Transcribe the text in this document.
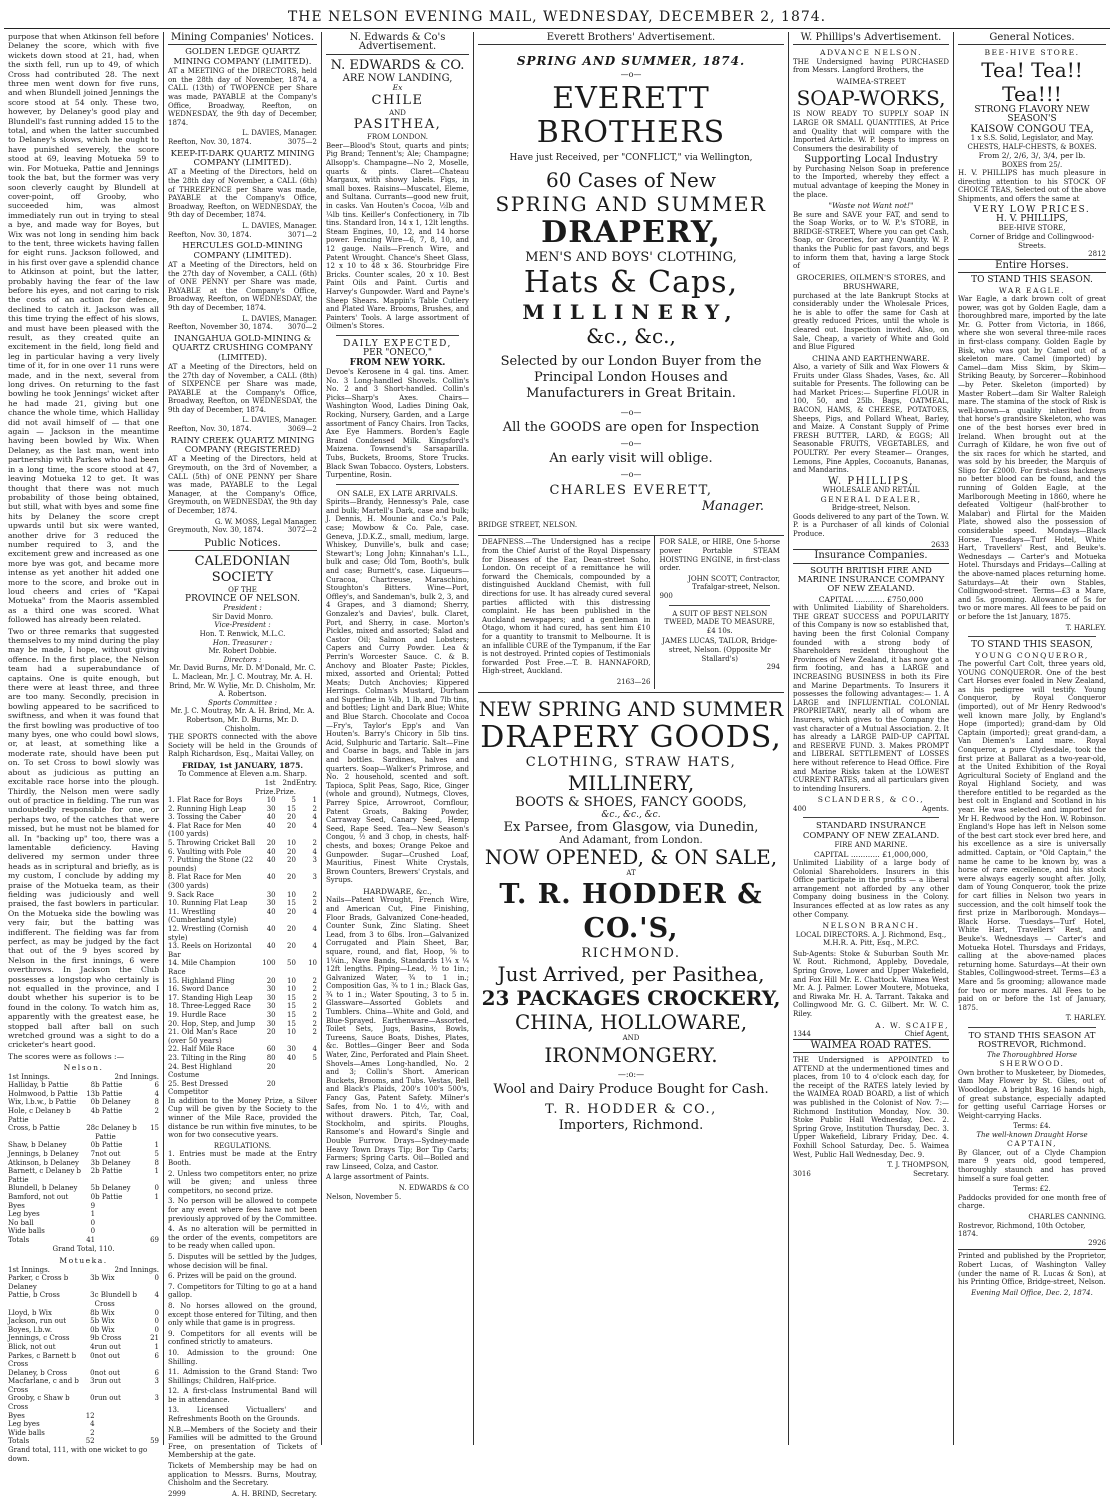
THE NELSON EVENING MAIL, WEDNESDAY, DECEMBER 2, 1874.

purpose that when Atkinson fell before Delaney the score, which with five wickets down stood at 21, had, when the sixth fell, run up to 49, of which Cross had contributed 28. The next three men went down for five runs, and when Blundell joined Jennings the score stood at 54 only. These two, however, by Delaney's good play and Blundell's fast running added 15 to the total, and when the latter succumbed to Delaney's slows, which he ought to have punished severely, the score stood at 69, leaving Motueka 59 to win. For Motueka, Pattie and Jennings took the bat, but the former was very soon cleverly caught by Blundell at cover-point, off Grooby, who succeeded him, was almost immediately run out in trying to steal a bye, and made way for Boyes, but Wix was not long in sending him back to the tent, three wickets having fallen for eight runs. Jackson followed, and in his first over gave a splendid chance to Atkinson at point, but the latter, probably having the fear of the law before his eyes, and not caring to risk the costs of an action for defence, declined to catch it. Jackson was all this time trying the effect of his slows, and must have been pleased with the result, as they created quite an excitement in the field, long field and leg in particular having a very lively time of it, for in one over 11 runs were made, and in the next, several from long drives. On returning to the fast bowling he took Jennings' wicket after he had made 21, giving but one chance the whole time, which Halliday did not avail himself of — that one again — Jackson in the meantime having been bowled by Wix. When Delaney, as the last man, went into partnership with Parkes who had been in a long time, the score stood at 47, leaving Motueka 12 to get. It was thought that there was not much probability of those being obtained, but still, what with byes and some fine hits by Delaney the score crept upwards until but six were wanted, another drive for 3 reduced the number required to 3, and the excitement grew and increased as one more bye was got, and became more intense as yet another hit added one more to the score, and broke out in loud cheers and cries of "Kapai Motueka" from the Maoris assembled as a third one was scored. What followed has already been related.

Two or three remarks that suggested themselves to my mind during the play may be made, I hope, without giving offence. In the first place, the Nelson team had a superabundance of captains. One is quite enough, but there were at least three, and three are too many. Secondly, precision in bowling appeared to be sacrificed to swiftness, and when it was found that the first bowling was productive of too many byes, one who could bowl slows, or, at least, at something like a moderate rate, should have been put on. To set Cross to bowl slowly was about as judicious as putting an excitable race horse into the plough. Thirdly, the Nelson men were sadly out of practice in fielding. The run was undoubtedly responsible for one, or perhaps two, of the catches that were missed, but he must not be blamed for all. In "backing up" too, there was a lamentable deficiency. Having delivered my sermon under three heads as in scriptural and briefly, as is my custom, I conclude by adding my praise of the Motueka team, as their fielding was judiciously and well praised, the fast bowlers in particular. On the Motueka side the bowling was very fair, but the batting was indifferent. The fielding was far from perfect, as may be judged by the fact that out of the 9 byes scored by Nelson in the first innings, 6 were overthrows. In Jackson the Club possesses a longstop who certainly is not equalled in the province, and I doubt whether his superior is to be found in the colony. To watch him as, apparently with the greatest ease, he stopped ball after ball on such wretched ground was a sight to do a cricketer's heart good.

The scores were as follows :—

Nelson.
1st Innings.	2nd Innings.
Halliday, b Pattie	8	b Pattie	6
Holmwood, b Pattie	13	b Pattie	4
Wix, l.b.w., b Pattie	0	b Delaney	8
Hole, c Delaney b Pattie	4	b Pattie	2
Cross, b Pattie	28	c Delaney b Pattie	15
Shaw, b Delaney	0	b Pattie	1
Jennings, b Delaney	7	not out	5
Atkinson, b Delaney	3	b Delaney	8
Barnett, c Delaney b Pattie	2	b Pattie	1
Blundell, b Delaney	5	b Delaney	0
Bamford, not out	0	b Pattie	1
Byes	9		
Leg byes	1		
No ball	0		
Wide balls	0		
Totals	41		69
Grand Total, 110.
Motueka.
1st Innings.	2nd Innings.
Parker, c Cross b Delaney	3	b Wix	0
Pattie, b Cross	3	c Blundell b Cross	4
Lloyd, b Wix	8	b Wix	0
Jackson, run out	5	b Wix	0
Boyes, l.b.w.	0	b Wix	0
Jennings, c Cross	9	b Cross	21
Blick, not out	4	run out	1
Parkes, c Barnett b Cross	0	not out	6
Delaney, b Cross	0	not out	6
Macfarlane, c and b Cross	3	run out	3
Grooby, c Shaw b Cross	0	run out	3
Byes	12		
Leg byes	4		
Wide balls	2		
Totals	52		59
Grand total, 111, with one wicket to go down.
Mining Companies' Notices.
GOLDEN LEDGE QUARTZ MINING COMPANY (LIMITED).

AT a MEETING of the DIRECTORS, held on the 28th day of November, 1874, a CALL (13th) of TWOPENCE per Share was made, PAYABLE at the Company's Office, Broadway, Reefton, on WEDNESDAY, the 9th day of December, 1874.

L. DAVIES, Manager.
Reefton, Nov. 30, 1874.	3075—2
KEEP-IT-DARK QUARTZ MINING COMPANY (LIMITED).

AT a Meeting of the Directors, held on the 28th day of November, a CALL (6th) of THREEPENCE per Share was made, PAYABLE at the Company's Office, Broadway, Reefton, on WEDNESDAY, the 9th day of December, 1874.

L. DAVIES, Manager.
Reefton, Nov. 30, 1874.	3071—2
HERCULES GOLD-MINING COMPANY (LIMITED).

AT a Meeting of the Directors, held on the 27th day of November, a CALL (6th) of ONE PENNY per Share was made, PAYABLE at the Company's Office, Broadway, Reefton, on WEDNESDAY, the 9th day of December, 1874.

L. DAVIES, Manager.
Reefton, November 30, 1874. 3070—2
INANGAHUA GOLD-MINING & QUARTZ CRUSHING COMPANY (LIMITED).

AT a Meeting of the Directors, held on the 27th day of November, a CALL (8th) of SIXPENCE per Share was made, PAYABLE at the Company's Office, Broadway, Reefton, on WEDNESDAY, the 9th day of December, 1874.

L. DAVIES, Manager.
Reefton, Nov. 30, 1874.	3069—2
RAINY CREEK QUARTZ MINING COMPANY (REGISTERED)

AT a Meeting of the Directors, held at Greymouth, on the 3rd of November, a CALL (5th) of ONE PENNY per Share was made, PAYABLE to the Legal Manager, at the Company's Office, Greymouth, on WEDNESDAY, the 9th day of December, 1874.

G. W. MOSS, Legal Manager.
Greymouth, Nov. 30, 1874.	3072—2
Public Notices.
CALEDONIAN SOCIETY
OF THE
PROVINCE OF NELSON.
President :
Sir David Monro.
Vice-President :
Hon. T. Renwick, M.L.C.
Hon. Treasurer :
Mr. Robert Dobbie.
Directors :
Mr. David Burns, Mr. D. M'Donald, Mr. C. L. Maclean, Mr. J. C. Moutray, Mr. A. H. Brind, Mr. W. Wylie, Mr. D. Chisholm, Mr. A. Robertson.
Sports Committee :
Mr. J. C. Moutray, Mr. A. H. Brind, Mr. A. Robertson, Mr. D. Burns, Mr. D. Chisholm.

THE SPORTS connected with the above Society will be held in the Grounds of Ralph Richardson, Esq., Maitai Valley, on

FRIDAY, 1st JANUARY, 1875.
To Commence at Eleven a.m. Sharp.
	1st Prize.	2nd Prize.	Entry.
1. Flat Race for Boys	10	5	1
2. Running High Leap	30	15	2
3. Tossing the Caber	40	20	4
4. Flat Race for Men (100 yards)	40	20	4
5. Throwing Cricket Ball	20	10	2
6. Vaulting with Pole	40	20	4
7. Putting the Stone (22 pounds)	40	20	3
8. Flat Race for Men (300 yards)	40	20	3
9. Sack Race	30	10	2
10. Running Flat Leap	30	15	2
11. Wrestling (Cumberland style)	40	20	4
12. Wrestling (Cornish style)	40	20	4
13. Reels on Horizontal Bar	40	20	4
14. Mile Champion Race	100	50	10
15. Highland Fling	20	10	2
16. Sword Dance	30	10	2
17. Standing High Leap	30	15	2
18. Three-Legged Race	30	15	2
19. Hurdle Race	30	15	2
20. Hop, Step, and Jump	30	15	2
21. Old Man's Race (over 50 years)	20	10	2
22. Half Mile Race	60	30	4
23. Tilting in the Ring	80	40	5
24. Best Highland Costume	20		
25. Best Dressed Competitor	20		

In addition to the Money Prize, a Silver Cup will be given by the Society to the winner of the Mile Race, provided the distance be run within five minutes, to be won for two consecutive years.

REGULATIONS.

1. Entries must be made at the Entry Booth.

2. Unless two competitors enter, no prize will be given; and unless three competitors, no second prize.

3. No person will be allowed to compete for any event where fees have not been previously approved of by the Committee.

4. As no alteration will be permitted in the order of the events, competitors are to be ready when called upon.

5. Disputes will be settled by the Judges, whose decision will be final.

6. Prizes will be paid on the ground.

7. Competitors for Tilting to go at a hand gallop.

8. No horses allowed on the ground, except those entered for Tilting, and then only while that game is in progress.

9. Competitors for all events will be confined strictly to amateurs.

10. Admission to the ground: One Shilling.

11. Admission to the Grand Stand: Two Shillings; Children, Half-price.

12. A first-class Instrumental Band will be in attendance.

13. Licensed Victuallers' and Refreshments Booth on the Grounds.

N.B.—Members of the Society and their Families will be admitted to the Ground Free, on presentation of Tickets of Membership at the gate.

Tickets of Membership may be had on application to Messrs. Burns, Moutray, Chisholm and the Secretary.

2999	A. H. BRIND, Secretary.
N. Edwards & Co's Advertisement.
N. EDWARDS & CO.
ARE NOW LANDING,
Ex
CHILE
AND
PASITHEA,
FROM LONDON.

Beer—Blood's Stout, quarts and pints; Pig Brand; Tennent's; Ale; Champagne; Allsopp's. Champagne—No 2, Moselle, quarts & pints. Claret—Chateau Margaux, with showy labels. Figs, in small boxes. Raisins—Muscatel, Eleme, and Sultana. Currants—good new fruit, in casks. Van Houten's Cocoa, ½lb and ¼lb tins. Keiller's Confectionery, in 7lb tins. Standard Iron, 14 x 1, 12lt lengths. Steam Engines, 10, 12, and 14 horse power. Fencing Wire—6, 7, 8, 10, and 12 gauge. Nails—French Wire, and Patent Wrought. Chance's Sheet Glass, 12 x 10 to 48 x 36. Stourbridge Fire Bricks. Counter scales, 20 x 10. Best Paint Oils and Paint. Curtis and Harvey's Gunpowder. Ward and Payne's Sheep Shears. Mappin's Table Cutlery and Plated Ware. Brooms, Brushes, and Painters' Tools. A large assortment of Oilmen's Stores.

DAILY EXPECTED,
PER "ONECO,"
FROM NEW YORK.

Devoe's Kerosene in 4 gal. tins. Amer. No. 3 Long-handled Shovels. Collin's No. 2 and 3 Short-handled. Collin's Picks—Sharp's Axes. Chairs—Washington Wood, Ladies Dining Oak, Rocking, Nursery, Garden, and a Large assortment of Fancy Chairs. Iron Tacks, Axe Eye Hammers. Borden's Eagle Brand Condensed Milk. Kingsford's Maizena. Townsend's Sarsaparilla. Tubs, Buckets, Brooms, Store Trucks. Black Swan Tobacco. Oysters, Lobsters. Turpentine, Rosin.

ON SALE, EX LATE ARRIVALS.

Spirits—Brandy, Hennessy's Pale, case and bulk; Martell's Dark, case and bulk; J. Dennis, H. Mounie and Co.'s Pale, case; Mowbow & Co. Pale, case. Geneva, J.D.K.Z., small, medium, large. Whiskey, Dunville's, bulk and case; Stewart's; Long John; Kinnahan's L.L., bulk and case; Old Tom, Booth's, bulk and case; Burnett's, case. Liqueurs—Curacoa, Chartreuse, Maraschino, Stoughton's Bitters. Wine—Port, Offley's, and Sandeman's, bulk 2, 3, and 4 Grapes, and 3 diamond; Sherry, Gonzalez's and Davies', bulk. Claret, Port, and Sherry, in case. Morton's Pickles, mixed and assorted; Salad and Castor Oil; Salmon and Lobsters; Capers and Curry Powder. Lea & Perrin's Worcester Sauce. C. & B. Anchovy and Bloater Paste; Pickles, mixed, assorted and Oriental; Potted Meats; Dutch Anchovies; Kippered Herrings. Colman's Mustard, Durham and Superfine in ¼lb, 1 lb, and 7lb tins, and bottles; Light and Dark Blue; White and Blue Starch. Chocolate and Cocoa—Fry's, Taylor's Epp's and Van Houten's. Barry's Chicory in 5lb tins. Acid, Sulphuric and Tartaric. Salt—Fine and Coarse in bags, and Table in jars and bottles. Sardines, halves and quarters. Soap—Walker's Primrose, and No. 2 household, scented and soft. Tapioca, Split Peas, Sago, Rice, Ginger (whole and ground), Nutmegs, Cloves, Parrey Spice, Arrowroot, Cornflour, Patent Groats, Baking Powder, Carraway Seed, Canary Seed, Hemp Seed, Rape Seed. Tea—New Season's Congou, ½ and 3 chop, in chests, half-chests, and boxes; Orange Pekoe and Gunpowder. Sugar—Crushed Loaf, Mauritius, Finest White Crystals, Brown Counters, Brewers' Crystals, and Syrups.

HARDWARE, &c.,

Nails—Patent Wrought, French Wire, and American Cut, Fine Finishing, Floor Brads, Galvanized Cone-headed, Counter Sunk, Zinc Slating. Sheet Lead, from 3 to 6lbs. Iron—Galvanized Corrugated and Plain Sheet, Bar, square, round, and flat, Hoop, ⅝ to 1¼in., Nave Bands, Standards 1¼ x ¼ 12ft lengths. Piping—Lead, ½ to 1in.; Galvanized Water, ¾ to 1 in.; Composition Gas, ¾ to 1 in.; Black Gas, ¾ to 1 in.; Water Spouting, 3 to 5 in. Glassware—Assorted Goblets and Tumblers. China—White and Gold, and Blue-Sprayed. Earthenware—Assorted, Toilet Sets, Jugs, Basins, Bowls, Tureens, Sauce Boats, Dishes, Plates, &c. Bottles—Ginger Beer and Soda Water, Zinc, Perforated and Plain Sheet. Shovels—Ames Long-handled, No. 2 and 3; Collin's Short. American Buckets, Brooms, and Tubs. Vestas, Bell and Black's Plaids, 200's 100's 500's, Fancy Gas, Patent Safety. Milner's Safes, from No. 1 to 4½, with and without drawers. Pitch, Tar, Coal, Stockholm, and spirits. Ploughs, Ransome's and Howard's Single and Double Furrow. Drays—Sydney-made Heavy Town Drays Tip; Bor Tip Carts; Farmers; Spring Carts. Oil—Boiled and raw Linseed, Colza, and Castor.

A large assortment of Paints.

N. EDWARDS & CO
Nelson, November 5.
Everett Brothers' Advertisement.
SPRING AND SUMMER, 1874.
—o—
EVERETT BROTHERS
Have just Received, per "CONFLICT," via Wellington,
60 Cases of New
SPRING AND SUMMER
DRAPERY,
MEN'S AND BOYS' CLOTHING,
Hats & Caps,
MILLINERY,
&c., &c.,
Selected by our London Buyer from the Principal London Houses and Manufacturers in Great Britain.
—o—
All the GOODS are open for Inspection
—o—
An early visit will oblige.
—o—
CHARLES EVERETT,
Manager.
BRIDGE STREET, NELSON.

DEAFNESS.—The Undersigned has a recipe from the Chief Aurist of the Royal Dispensary for Diseases of the Ear, Dean-street Soho, London. On receipt of a remittance he will forward the Chemicals, compounded by a distinguished Auckland Chemist, with full directions for use. It has already cured several parties afflicted with this distressing complaint. He has been published in the Auckland newspapers; and a gentleman in Otago, whom it had cured, has sent him £10 for a quantity to transmit to Melbourne. It is an infallible CURE of the Tympanum, if the Ear is not destroyed. Printed copies of Testimonials forwarded Post Free.—T. B. HANNAFORD, High-street, Auckland.

2163—26

FOR SALE, or HIRE, One 5-horse power Portable STEAM HOISTING ENGINE, in first-class order.

JOHN SCOTT, Contractor, Trafalgar-street, Nelson.
900

A SUIT OF BEST NELSON TWEED, MADE TO MEASURE, £4 10s.

JAMES LUCAS, TAILOR, Bridge-street, Nelson. (Opposite Mr Stallard's)
294
NEW SPRING AND SUMMER
DRAPERY GOODS,
CLOTHING, STRAW HATS,
MILLINERY,
BOOTS & SHOES, FANCY GOODS,
&c., &c., &c.
Ex Parsee, from Glasgow, via Dunedin,
And Adamant, from London.
NOW OPENED, & ON SALE,
AT
T. R. HODDER & CO.'S,
RICHMOND.
Just Arrived, per Pasithea,
23 PACKAGES CROCKERY,
CHINA, HOLLOWARE,
AND
IRONMONGERY.
—:o:—
Wool and Dairy Produce Bought for Cash.
T. R. HODDER & CO.,
Importers, Richmond.
W. Phillips's Advertisement.
ADVANCE NELSON.

THE Undersigned having PURCHASED from Messrs. Langford Brothers, the

WAIMEA-STREET
SOAP-WORKS,

IS NOW READY TO SUPPLY SOAP IN LARGE OR SMALL QUANTITIES, At Price and Quality that will compare with the Imported Article. W. P. begs to impress on Consumers the desirability of

Supporting Local Industry

by Purchasing Nelson Soap in preference to the Imported, whereby they effect a mutual advantage of keeping the Money in the place.

"Waste not Want not!"

Be sure and SAVE your FAT, and send to the Soap Works, or to W. P.'s STORE, in BRIDGE-STREET, Where you can get Cash, Soap, or Groceries, for any Quantity. W. P. thanks the Public for past favors, and begs to inform them that, having a large Stock of

GROCERIES, OILMEN'S STORES, and BRUSHWARE,

purchased at the late Bankrupt Stocks at considerably under the Wholesale Prices, he is able to offer the same for Cash at greatly reduced Prices, until the whole is cleared out. Inspection invited. Also, on Sale, Cheap, a variety of White and Gold and Blue Figured

CHINA AND EARTHENWARE.

Also, a variety of Silk and Wax Flowers & Fruits under Glass Shades, Vases, &c. All suitable for Presents. The following can be had Market Prices:— Superfine FLOUR in 100, 50, and 25lb. Bags, OATMEAL, BACON, HAMS, & CHEESE, POTATOES, Sheeps, Pigs, and Pollard Wheat, Barley, and Maize. A Constant Supply of Prime FRESH BUTTER, LARD, & EGGS; All Seasonable FRUITS, VEGETABLES, and POULTRY. Per every Steamer— Oranges, Lemons, Pine Apples, Cocoanuts, Bananas, and Mandarins.

W. PHILLIPS,
WHOLESALE AND RETAIL
GENERAL DEALER,
Bridge-street, Nelson.

Goods delivered to any part of the Town. W. P. is a Purchaser of all kinds of Colonial Produce.

2633
Insurance Companies.
SOUTH BRITISH FIRE AND MARINE INSURANCE COMPANY OF NEW ZEALAND.
CAPITAL ............ £750,000

with Unlimited Liability of Shareholders. THE GREAT SUCCESS and POPULARITY of this Company is now so established that, having been the first Colonial Company founded with a strong body of Shareholders resident throughout the Provinces of New Zealand, it has now got a firm footing, and has a LARGE and INCREASING BUSINESS in both its Fire and Marine Departments. To Insurers it possesses the following advantages:— 1. A LARGE and INFLUENTIAL COLONIAL PROPRIETARY, nearly all of whom are Insurers, which gives to the Company the vast character of a Mutual Association. 2. It has already a LARGE PAID-UP CAPITAL and RESERVE FUND. 3. Makes PROMPT and LIBERAL SETTLEMENT of LOSSES here without reference to Head Office. Fire and Marine Risks taken at the LOWEST CURRENT RATES, and all particulars given to intending Insurers.

SCLANDERS, & CO.,
400	Agents.
STANDARD INSURANCE COMPANY OF NEW ZEALAND.
FIRE AND MARINE.
CAPITAL ............ £1,000,000,

Unlimited Liability of a large body of Colonial Shareholders. Insurers in this Office participate in the profits — a liberal arrangement not afforded by any other Company doing business in the Colony. Insurances effected at as low rates as any other Company.

NELSON BRANCH.

LOCAL DIRECTORS. A. J. Richmond, Esq., M.H.R. A. Pitt, Esq., M.P.C.

Sub-Agents: Stoke & Suburban South Mr. W. Rout. Richmond, Appleby, Dovedale, Spring Grove, Lower and Upper Wakefield, and Fox Hill Mr. E. Chattock. Waimea West Mr. A. J. Palmer. Lower Moutere, Motueka, and Riwaka Mr. H. A. Tarrant. Takaka and Collingwood Mr. G. C. Gilbert. Mr. W. C. Riley.

A. W. SCAIFE,
1344	Chief Agent,
WAIMEA ROAD RATES.

THE Undersigned is APPOINTED to ATTEND at the undermentioned times and places, from 10 to 4 o'clock each day, for the receipt of the RATES lately levied by the WAIMEA ROAD BOARD, a list of which was published in the Colonist of Nov. 7:— Richmond Institution Monday, Nov. 30. Stoke Public Hall Wednesday, Dec. 2. Spring Grove, Institution Thursday, Dec. 3. Upper Wakefield, Library Friday, Dec. 4. Foxhill School Saturday, Dec. 5. Waimea West, Public Hall Wednesday, Dec. 9.

T. J. THOMPSON,
3016	Secretary.
General Notices.
BEE-HIVE STORE.
Tea! Tea!! Tea!!!
STRONG FLAVORY NEW SEASON'S
KAISOW CONGOU TEA,
1 x S.S. Solid, Legislator, and May.
CHESTS, HALF-CHESTS, & BOXES.
From 2/, 2/6, 3/, 3/4, per lb.
BOXES from 25/.

H. V. PHILLIPS has much pleasure in directing attention to his STOCK OF CHOICE TEAS, Selected out of the above Shipments, and offers the same at

VERY LOW PRICES.
H. V. PHILLIPS,
BEE-HIVE STORE,
Corner of Bridge and Collingwood-Streets.
2812
Entire Horses.
TO STAND THIS SEASON.
WAR EAGLE.

War Eagle, a dark brown colt of great power, was got by Golden Eagle, dam a thoroughbred mare, imported by the late Mr. G. Potter from Victoria, in 1866, where she won several three-mile races in first-class company. Golden Eagle by Bisk, who was got by Camel out of a skeleton mare. Camel (imported) by Camel—dam Miss Skim, by Skim—Striking Beauty, by Sorcerer—Robinhood—by Peter. Skeleton (imported) by Master Robert—dam Sir Walter Raleigh mare. The stamina of the stock of Risk is well-known—a quality inherited from that horse's grandsire Skeleton, who was one of the best horses ever bred in Ireland. When brought out at the Curragh of Kildare, he won five out of the six races for which he started, and was sold by his breeder, the Marquis of Sligo for £2000. For first-class hackneys no better blood can be found, and the running of Golden Eagle, at the Marlborough Meeting in 1860, where he defeated Voltigeur (half-brother to Malabar) and Flirtal for the Maiden Plate, showed also the possession of considerable speed. Mondays—Black Horse. Tuesdays—Turf Hotel, White Hart, Travellers' Rest, and Beuke's. Wednesdays — Carter's and Motueka Hotel. Thursdays and Fridays—Calling at the above-named places returning home. Saturdays—At their own Stables, Collingwood-street. Terms—£3 a Mare, and 5s. grooming. Allowance of 5s for two or more mares. All fees to be paid on or before the 1st January, 1875.

T. HARLEY.
TO STAND THIS SEASON,
YOUNG CONQUEROR,

The powerful Cart Colt, three years old, YOUNG CONQUEROR. One of the best Cart Horses ever foaled in New Zealand, as his pedigree will testify. Young Conqueror, by Royal Conqueror (imported), out of Mr Henry Redwood's well known mare Jolly, by England's Hope (imported); grand-dam by Old Captain (imported); great grand-dam, a Van Diemen's Land mare. Royal Conqueror, a pure Clydesdale, took the first prize at Ballarat as a two-year-old, at the United Exhibition of the Royal Agricultural Society of England and the Royal Highland Society, and was therefore entitled to be regarded as the best colt in England and Scotland in his year. He was selected and imported for Mr H. Redwood by the Hon. W. Robinson. England's Hope has left in Nelson some of the best cart stock ever bred here, and his excellence as a sire is universally admitted. Captain, or "Old Captain," the name he came to be known by, was a horse of rare excellence, and his stock were always eagerly sought after. Jolly, dam of Young Conqueror, took the prize for cart fillies in Nelson two years in succession, and the colt himself took the first prize in Marlborough. Mondays—Black Horse. Tuesdays—Turf Hotel, White Hart, Travellers' Rest, and Beuke's. Wednesdays — Carter's and Motueka Hotel. Thursdays and Fridays, calling at the above-named places returning home. Saturdays—At their own Stables, Collingwood-street. Terms—£3 a Mare and 5s grooming; allowance made for two or more mares. All Fees to be paid on or before the 1st of January, 1875.

T. HARLEY.
TO STAND THIS SEASON AT ROSTREVOR, Richmond.
The Thoroughbred Horse
SHERWOOD.

Own brother to Musketeer, by Diomedes, dam May Flower by St. Giles, out of Woodlodge. A bright Bay, 16 hands high, of great substance, especially adapted for getting useful Carriage Horses or Weight-carrying Hacks.

Terms: £4.
The well-known Draught Horse
CAPTAIN,

By Glancer, out of a Clyde Champion mare 9 years old, good tempered, thoroughly staunch and has proved himself a sure foal getter.

Terms: £2.

Paddocks provided for one month free of charge.

CHARLES CANNING.
Rostrevor, Richmond, 10th October, 1874.
2926

Printed and published by the Proprietor, Robert Lucas, of Washington Valley (under the name of R. Lucas & Son), at his Printing Office, Bridge-street, Nelson.

Evening Mail Office, Dec. 2, 1874.
